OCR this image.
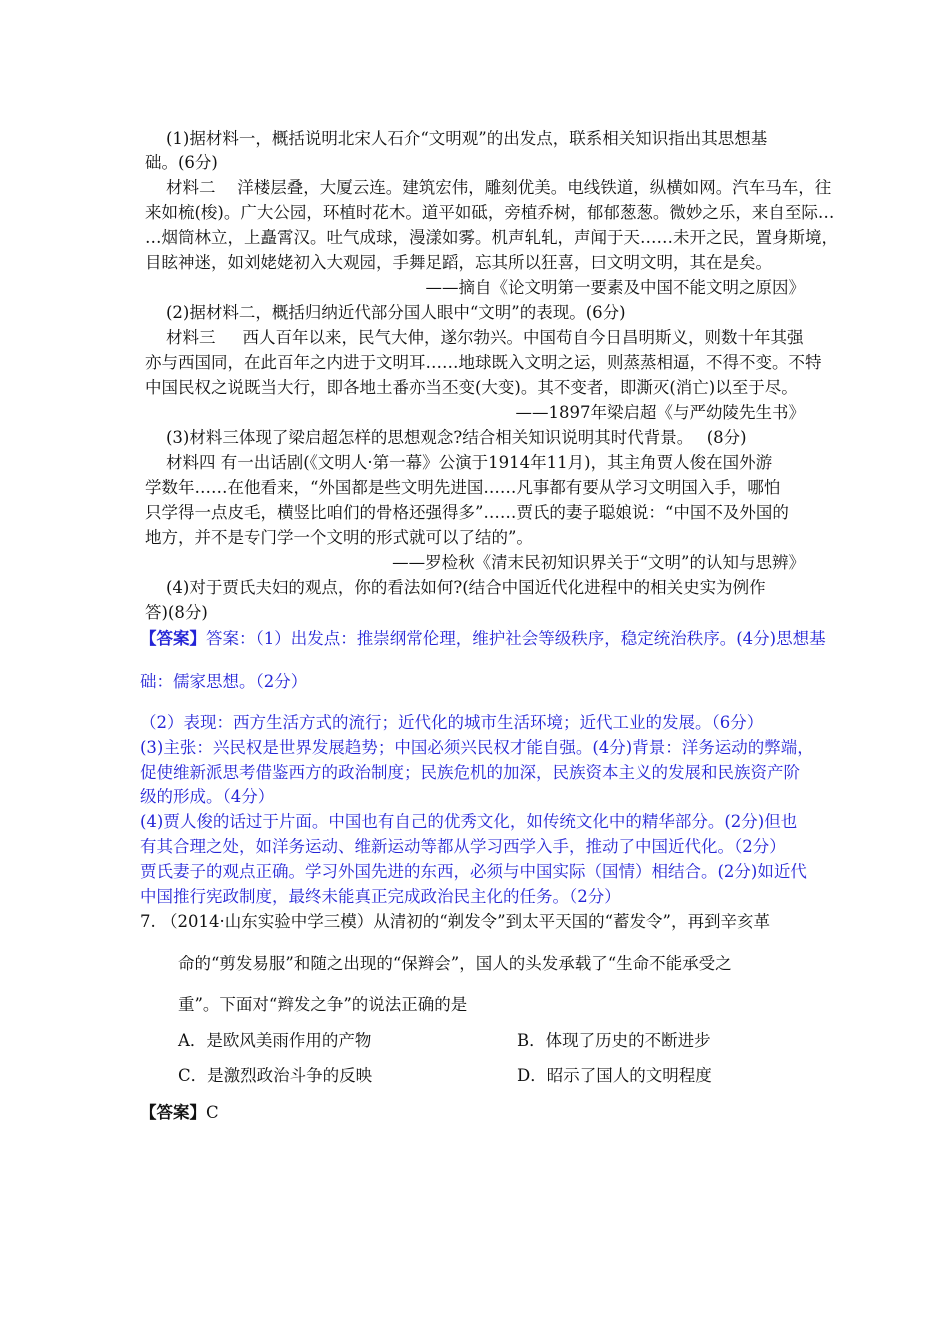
(1)据材料一，概括说明北宋人石介“文明观”的出发点，联系相关知识指出其思想基
础。(6分)
材料二　 洋楼层叠，大厦云连。建筑宏伟，雕刻优美。电线铁道，纵横如网。汽车马车，往
来如梳(梭)。广大公园，环植时花木。道平如砥，旁植乔树，郁郁葱葱。微妙之乐，来自至际…
…烟筒林立，上矗霄汉。吐气成球，漫漾如雾。机声轧轧，声闻于天……未开之民，置身斯境，
目眩神迷，如刘姥姥初入大观园，手舞足蹈，忘其所以狂喜，曰文明文明，其在是矣。
——摘自《论文明第一要素及中国不能文明之原因》
(2)据材料二，概括归纳近代部分国人眼中“文明”的表现。(6分)
材料三 　 西人百年以来，民气大伸，遂尔勃兴。中国苟自今日昌明斯义，则数十年其强
亦与西国同，在此百年之内进于文明耳……地球既入文明之运，则蒸蒸相逼，不得不变。不特
中国民权之说既当大行，即各地土番亦当丕变(大变)。其不变者，即澌灭(消亡)以至于尽。
——1897年梁启超《与严幼陵先生书》
(3)材料三体现了梁启超怎样的思想观念?结合相关知识说明其时代背景。　 (8分)
材料四 有一出话剧(《文明人·第一幕》公演于1914年11月)，其主角贾人俊在国外游
学数年……在他看来，“外国都是些文明先进国……凡事都有要从学习文明国入手，哪怕
只学得一点皮毛，横竖比咱们的骨格还强得多”……贾氏的妻子聪娘说：“中国不及外国的
地方，并不是专门学一个文明的形式就可以了结的”。
——罗检秋《清末民初知识界关于“文明”的认知与思辨》
(4)对于贾氏夫妇的观点，你的看法如何?(结合中国近代化进程中的相关史实为例作
答)(8分)
【答案】答案：（1）出发点：推崇纲常伦理，维护社会等级秩序，稳定统治秩序。(4分)思想基
础：儒家思想。（2分）
（2）表现：西方生活方式的流行；近代化的城市生活环境；近代工业的发展。（6分）
(3)主张：兴民权是世界发展趋势；中国必须兴民权才能自强。(4分)背景：洋务运动的弊端，
促使维新派思考借鉴西方的政治制度；民族危机的加深，民族资本主义的发展和民族资产阶
级的形成。（4分）
(4)贾人俊的话过于片面。中国也有自己的优秀文化，如传统文化中的精华部分。(2分)但也
有其合理之处，如洋务运动、维新运动等都从学习西学入手，推动了中国近代化。（2分）
贾氏妻子的观点正确。学习外国先进的东西，必须与中国实际（国情）相结合。(2分)如近代
中国推行宪政制度，最终未能真正完成政治民主化的任务。（2分）
7. （2014·山东实验中学三模）从清初的“剃发令”到太平天国的“蓄发令”，再到辛亥革
命的“剪发易服”和随之出现的“保辫会”，国人的头发承载了“生命不能承受之
重”。下面对“辫发之争”的说法正确的是
A．是欧风美雨作用的产物	B．体现了历史的不断进步
C．是激烈政治斗争的反映	D．昭示了国人的文明程度
【答案】C
